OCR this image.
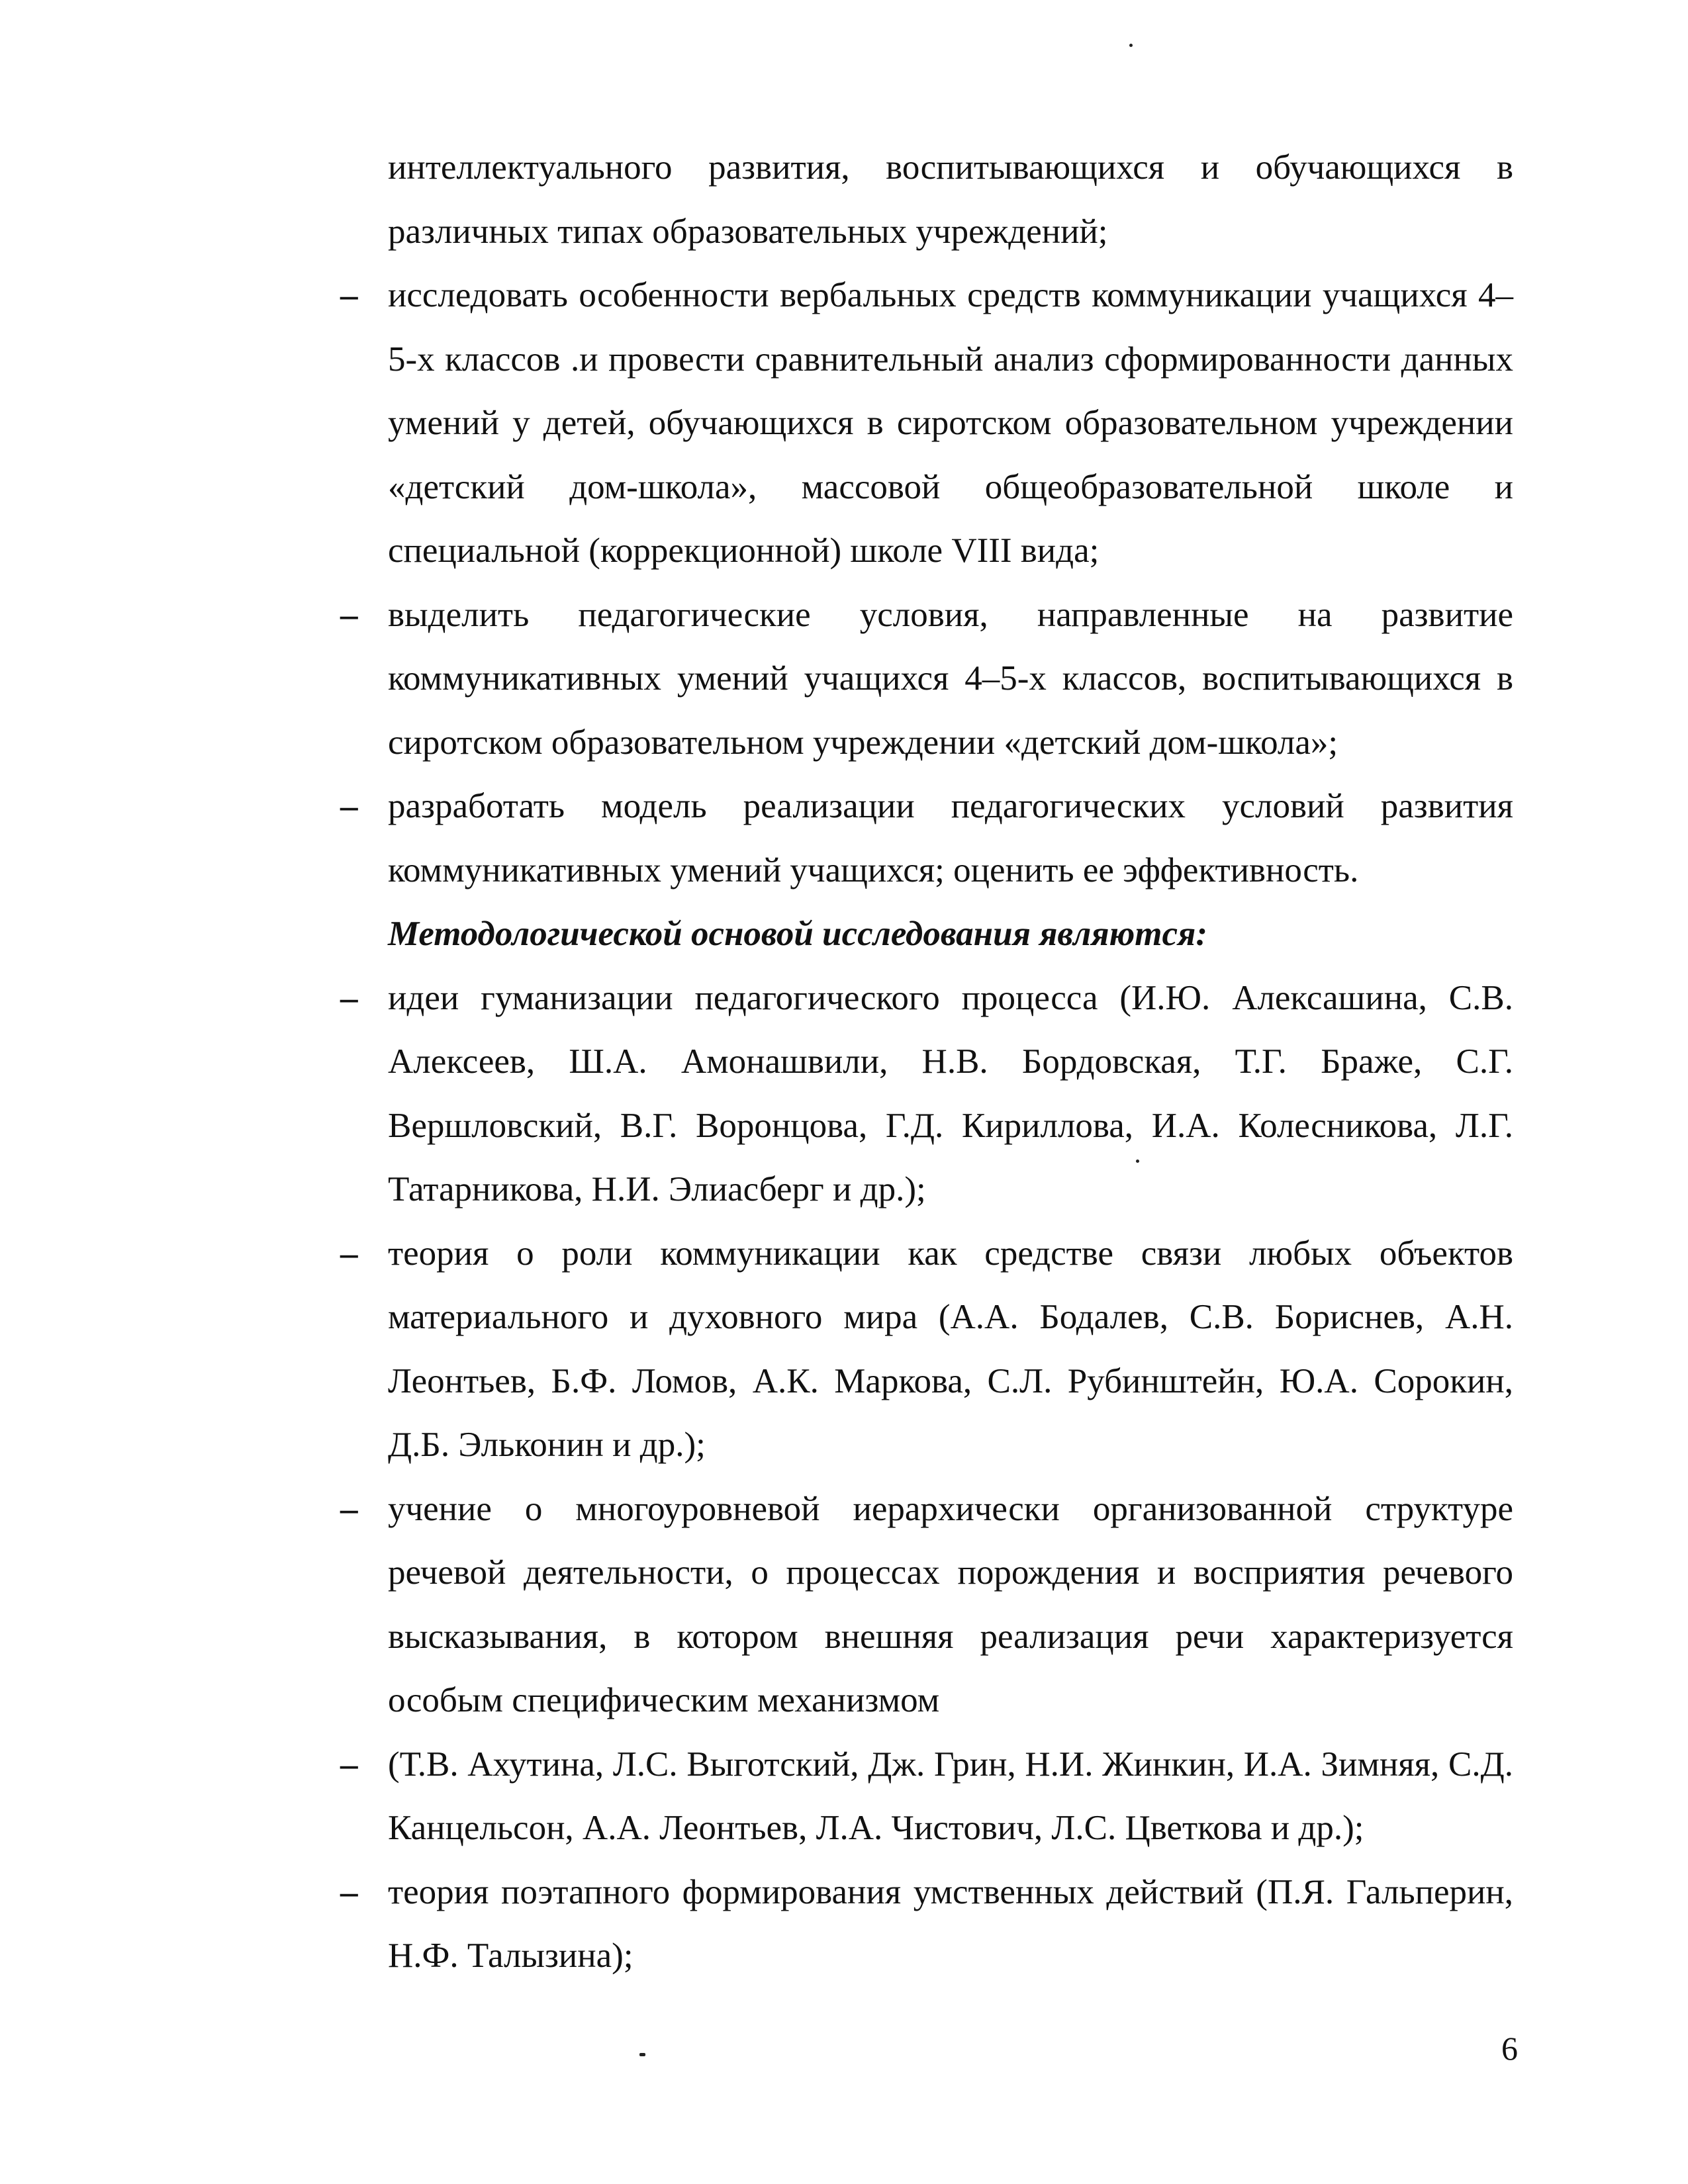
интеллектуального развития, воспитывающихся и обучающихся в различных типах образовательных учреждений;

– исследовать особенности вербальных средств коммуникации учащихся 4–5-х классов .и провести сравнительный анализ сформированности данных умений у детей, обучающихся в сиротском образовательном учреждении «детский дом-школа», массовой общеобразовательной школе и специальной (коррекционной) школе VIII вида;

– выделить педагогические условия, направленные на развитие коммуникативных умений учащихся 4–5-х классов, воспитывающихся в сиротском образовательном учреждении «детский дом-школа»;

– разработать модель реализации педагогических условий развития коммуникативных умений учащихся; оценить ее эффективность.

Методологической основой исследования являются:

– идеи гуманизации педагогического процесса (И.Ю. Алексашина, С.В. Алексеев, Ш.А. Амонашвили, Н.В. Бордовская, Т.Г. Браже, С.Г. Вершловский, В.Г. Воронцова, Г.Д. Кириллова, И.А. Колесникова, Л.Г. Татарникова, Н.И. Элиасберг и др.);

– теория о роли коммуникации как средстве связи любых объектов материального и духовного мира (А.А. Бодалев, С.В. Бориснев, А.Н. Леонтьев, Б.Ф. Ломов, А.К. Маркова, С.Л. Рубинштейн, Ю.А. Сорокин, Д.Б. Эльконин и др.);

– учение о многоуровневой иерархически организованной структуре речевой деятельности, о процессах порождения и восприятия речевого высказывания, в котором внешняя реализация речи характеризуется особым специфическим механизмом

– (Т.В. Ахутина, Л.С. Выготский, Дж. Грин, Н.И. Жинкин, И.А. Зимняя, С.Д. Канцельсон, А.А. Леонтьев, Л.А. Чистович, Л.С. Цветкова и др.);

– теория поэтапного формирования умственных действий (П.Я. Гальперин, Н.Ф. Талызина);

6
